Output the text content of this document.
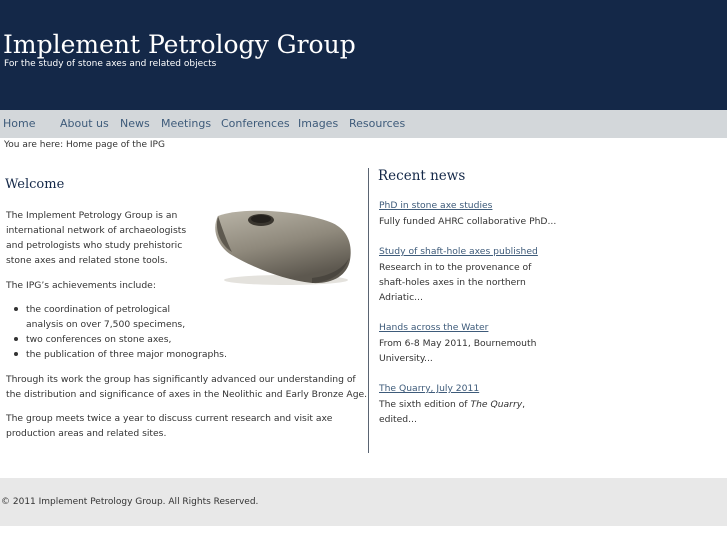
Implement Petrology Group
For the study of stone axes and related objects
Home About us News Meetings Conferences Images Resources
You are here: Home page of the IPG
Welcome

The Implement Petrology Group is an

international network of archaeologists

and petrologists who study prehistoric

stone axes and related stone tools.

The IPG’s achievements include:

the coordination of petrological

analysis on over 7,500 specimens,

two conferences on stone axes,

the publication of three major monographs.

Through its work the group has significantly advanced our understanding of

the distribution and significance of axes in the Neolithic and Early Bronze Age.

The group meets twice a year to discuss current research and visit axe

production areas and related sites.

Recent news
PhD in stone axe studies

Fully funded AHRC collaborative PhD...

Study of shaft-hole axes published

Research in to the provenance of

shaft-holes axes in the northern

Adriatic...

Hands across the Water

From 6-8 May 2011, Bournemouth

University...

The Quarry, July 2011

The sixth edition of The Quarry,

edited...

© 2011 Implement Petrology Group. All Rights Reserved.
